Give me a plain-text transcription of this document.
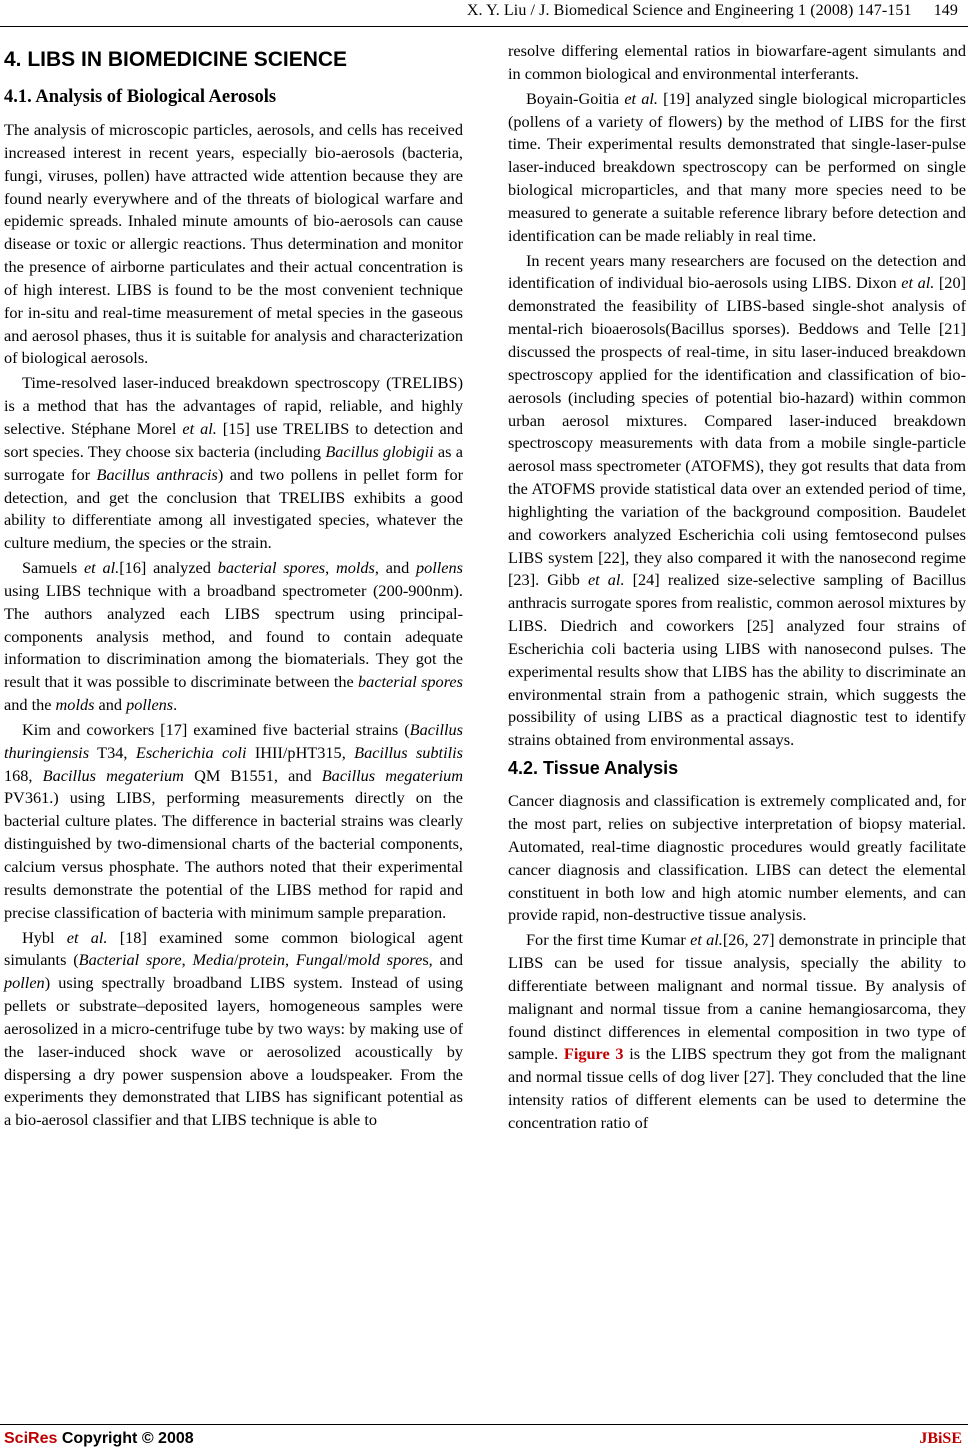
X. Y. Liu / J. Biomedical Science and Engineering 1 (2008) 147-151 149
4. LIBS IN BIOMEDICINE SCIENCE
4.1. Analysis of Biological Aerosols

The analysis of microscopic particles, aerosols, and cells has received increased interest in recent years, especially bio-aerosols (bacteria, fungi, viruses, pollen) have attracted wide attention because they are found nearly everywhere and of the threats of biological warfare and epidemic spreads. Inhaled minute amounts of bio-aerosols can cause disease or toxic or allergic reactions. Thus determination and monitor the presence of airborne particulates and their actual concentration is of high interest. LIBS is found to be the most convenient technique for in-situ and real-time measurement of metal species in the gaseous and aerosol phases, thus it is suitable for analysis and characterization of biological aerosols.

Time-resolved laser-induced breakdown spectroscopy (TRELIBS) is a method that has the advantages of rapid, reliable, and highly selective. Stéphane Morel et al. [15] use TRELIBS to detection and sort species. They choose six bacteria (including Bacillus globigii as a surrogate for Bacillus anthracis) and two pollens in pellet form for detection, and get the conclusion that TRELIBS exhibits a good ability to differentiate among all investigated species, whatever the culture medium, the species or the strain.

Samuels et al.[16] analyzed bacterial spores, molds, and pollens using LIBS technique with a broadband spectrometer (200-900nm). The authors analyzed each LIBS spectrum using principal-components analysis method, and found to contain adequate information to discrimination among the biomaterials. They got the result that it was possible to discriminate between the bacterial spores and the molds and pollens.

Kim and coworkers [17] examined five bacterial strains (Bacillus thuringiensis T34, Escherichia coli IHII/pHT315, Bacillus subtilis 168, Bacillus megaterium QM B1551, and Bacillus megaterium PV361.) using LIBS, performing measurements directly on the bacterial culture plates. The difference in bacterial strains was clearly distinguished by two-dimensional charts of the bacterial components, calcium versus phosphate. The authors noted that their experimental results demonstrate the potential of the LIBS method for rapid and precise classification of bacteria with minimum sample preparation.

Hybl et al. [18] examined some common biological agent simulants (Bacterial spore, Media/protein, Fungal/mold spores, and pollen) using spectrally broadband LIBS system. Instead of using pellets or substrate–deposited layers, homogeneous samples were aerosolized in a micro-centrifuge tube by two ways: by making use of the laser-induced shock wave or aerosolized acoustically by dispersing a dry power suspension above a loudspeaker. From the experiments they demonstrated that LIBS has significant potential as a bio-aerosol classifier and that LIBS technique is able to

resolve differing elemental ratios in biowarfare-agent simulants and in common biological and environmental interferants.

Boyain-Goitia et al. [19] analyzed single biological microparticles (pollens of a variety of flowers) by the method of LIBS for the first time. Their experimental results demonstrated that single-laser-pulse laser-induced breakdown spectroscopy can be performed on single biological microparticles, and that many more species need to be measured to generate a suitable reference library before detection and identification can be made reliably in real time.

In recent years many researchers are focused on the detection and identification of individual bio-aerosols using LIBS. Dixon et al. [20] demonstrated the feasibility of LIBS-based single-shot analysis of mental-rich bioaerosols(Bacillus sporses). Beddows and Telle [21] discussed the prospects of real-time, in situ laser-induced breakdown spectroscopy applied for the identification and classification of bio-aerosols (including species of potential bio-hazard) within common urban aerosol mixtures. Compared laser-induced breakdown spectroscopy measurements with data from a mobile single-particle aerosol mass spectrometer (ATOFMS), they got results that data from the ATOFMS provide statistical data over an extended period of time, highlighting the variation of the background composition. Baudelet and coworkers analyzed Escherichia coli using femtosecond pulses LIBS system [22], they also compared it with the nanosecond regime [23]. Gibb et al. [24] realized size-selective sampling of Bacillus anthracis surrogate spores from realistic, common aerosol mixtures by LIBS. Diedrich and coworkers [25] analyzed four strains of Escherichia coli bacteria using LIBS with nanosecond pulses. The experimental results show that LIBS has the ability to discriminate an environmental strain from a pathogenic strain, which suggests the possibility of using LIBS as a practical diagnostic test to identify strains obtained from environmental assays.

4.2. Tissue Analysis

Cancer diagnosis and classification is extremely complicated and, for the most part, relies on subjective interpretation of biopsy material. Automated, real-time diagnostic procedures would greatly facilitate cancer diagnosis and classification. LIBS can detect the elemental constituent in both low and high atomic number elements, and can provide rapid, non-destructive tissue analysis.

For the first time Kumar et al.[26, 27] demonstrate in principle that LIBS can be used for tissue analysis, specially the ability to differentiate between malignant and normal tissue. By analysis of malignant and normal tissue from a canine hemangiosarcoma, they found distinct differences in elemental composition in two type of sample. Figure 3 is the LIBS spectrum they got from the malignant and normal tissue cells of dog liver [27]. They concluded that the line intensity ratios of different elements can be used to determine the concentration ratio of

SciRes Copyright © 2008	JBiSE
